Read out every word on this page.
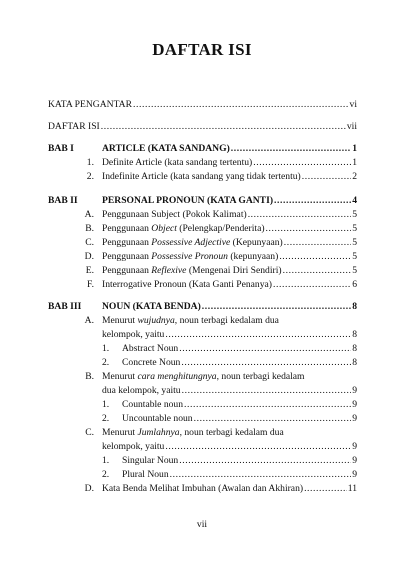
DAFTAR ISI
KATA PENGANTAR .....	vi
DAFTAR ISI .....	vii
BAB I	ARTICLE (KATA SANDANG) .....	1
1. Definite Article (kata sandang tertentu) .....	1
2. Indefinite Article (kata sandang yang tidak tertentu) .....	2
BAB II	PERSONAL PRONOUN (KATA GANTI) .....	4
A. Penggunaan Subject (Pokok Kalimat) .....	5
B. Penggunaan Object (Pelengkap/Penderita) .....	5
C. Penggunaan Possessive Adjective (Kepunyaan) .....	5
D. Penggunaan Possessive Pronoun (kepunyaan) .....	5
E. Penggunaan Reflexive (Mengenai Diri Sendiri) .....	5
F. Interrogative Pronoun (Kata Ganti Penanya) .....	6
BAB III NOUN (KATA BENDA) .....	8
A. Menurut wujudnya, noun terbagi kedalam dua
kelompok, yaitu .....	8
1. Abstract Noun .....	8
2. Concrete Noun .....	8
B. Menurut cara menghitungnya, noun terbagi kedalam
dua kelompok, yaitu .....	9
1. Countable noun .....	9
2. Uncountable noun .....	9
C. Menurut Jumlahnya, noun terbagi kedalam dua
kelompok, yaitu .....	9
1. Singular Noun .....	9
2. Plural Noun .....	9
D. Kata Benda Melihat Imbuhan (Awalan dan Akhiran) .....	11
vii
